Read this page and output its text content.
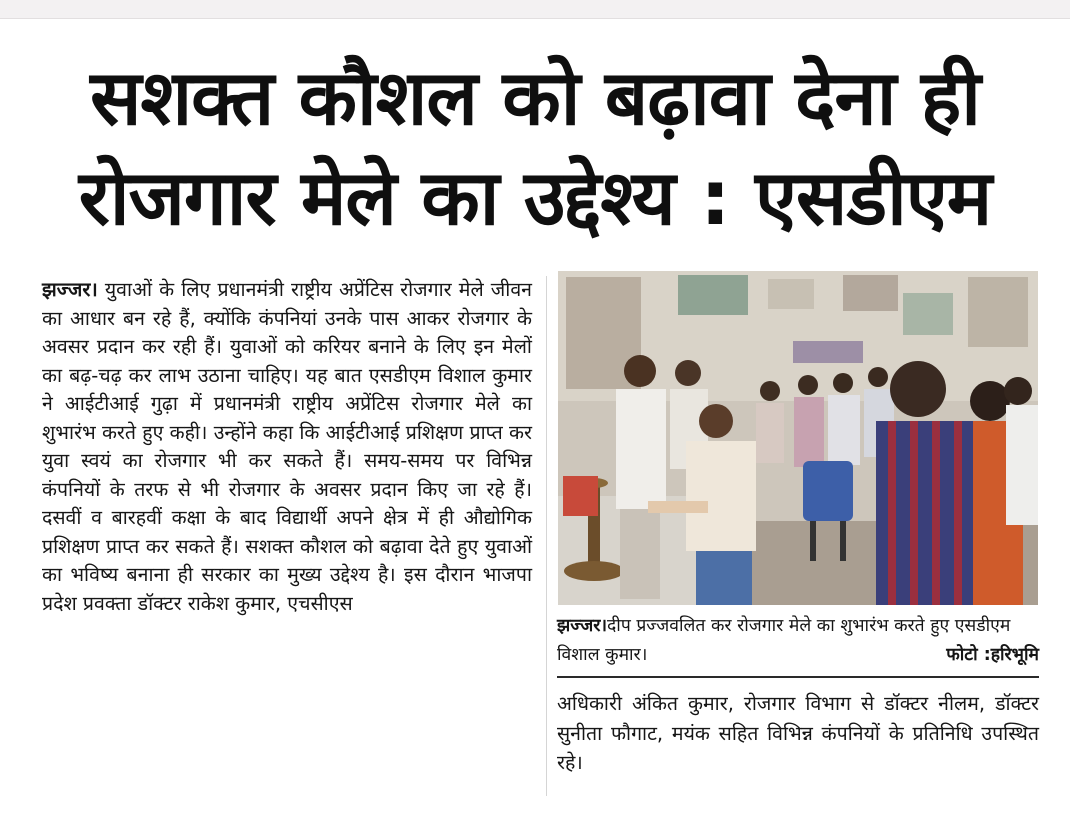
सशक्त कौशल को बढ़ावा देना ही
रोजगार मेले का उद्देश्य : एसडीएम
झज्जर। युवाओं के लिए प्रधानमंत्री राष्ट्रीय अप्रेंटिस रोजगार मेले जीवन का आधार बन रहे हैं, क्योंकि कंपनियां उनके पास आकर रोजगार के अवसर प्रदान कर रही हैं। युवाओं को करियर बनाने के लिए इन मेलों का बढ़-चढ़ कर लाभ उठाना चाहिए। यह बात एसडीएम विशाल कुमार ने आईटीआई गुढ़ा में प्रधानमंत्री राष्ट्रीय अप्रेंटिस रोजगार मेले का शुभारंभ करते हुए कही। उन्होंने कहा कि आईटीआई प्रशिक्षण प्राप्त कर युवा स्वयं का रोजगार भी कर सकते हैं। समय-समय पर विभिन्न कंपनियों के तरफ से भी रोजगार के अवसर प्रदान किए जा रहे हैं। दसवीं व बारहवीं कक्षा के बाद विद्यार्थी अपने क्षेत्र में ही औद्योगिक प्रशिक्षण प्राप्त कर सकते हैं। सशक्त कौशल को बढ़ावा देते हुए युवाओं का भविष्य बनाना ही सरकार का मुख्य उद्देश्य है। इस दौरान भाजपा प्रदेश प्रवक्ता डॉक्टर राकेश कुमार, एचसीएस
झज्जर।दीप प्रज्जवलित कर रोजगार मेले का शुभारंभ करते हुए एसडीएम विशाल कुमार।	फोटो :हरिभूमि
अधिकारी अंकित कुमार, रोजगार विभाग से डॉक्टर नीलम, डॉक्टर सुनीता फौगाट, मयंक सहित विभिन्न कंपनियों के प्रतिनिधि उपस्थित रहे।
